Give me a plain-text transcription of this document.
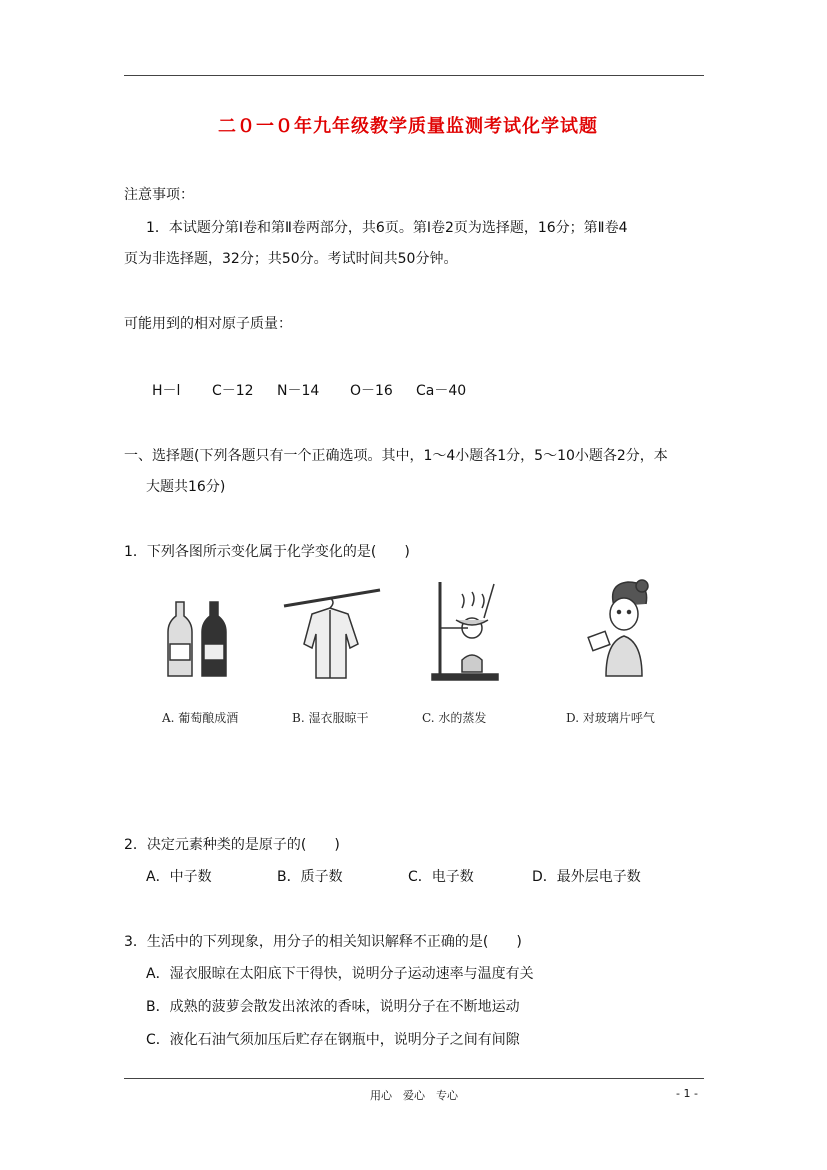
二０一０年九年级教学质量监测考试化学试题
注意事项：
1．本试题分第Ⅰ卷和第Ⅱ卷两部分，共6页。第Ⅰ卷2页为选择题，16分；第Ⅱ卷4
页为非选择题，32分；共50分。考试时间共50分钟。
可能用到的相对原子质量：
H－l C－12 N－14 O－16 Ca－40
一、选择题(下列各题只有一个正确选项。其中，1～4小题各1分，5～10小题各2分，本
大题共16分)
1．下列各图所示变化属于化学变化的是(　　)
A. 葡萄酿成酒	B. 湿衣服晾干	C. 水的蒸发	D. 对玻璃片呼气
2．决定元素种类的是原子的(　　)
A．中子数	B．质子数	C．电子数	D．最外层电子数
3．生活中的下列现象，用分子的相关知识解释不正确的是(　　)
A．湿衣服晾在太阳底下干得快，说明分子运动速率与温度有关
B．成熟的菠萝会散发出浓浓的香味，说明分子在不断地运动
C．液化石油气须加压后贮存在钢瓶中，说明分子之间有间隙
用心　爱心　专心	- 1 -
